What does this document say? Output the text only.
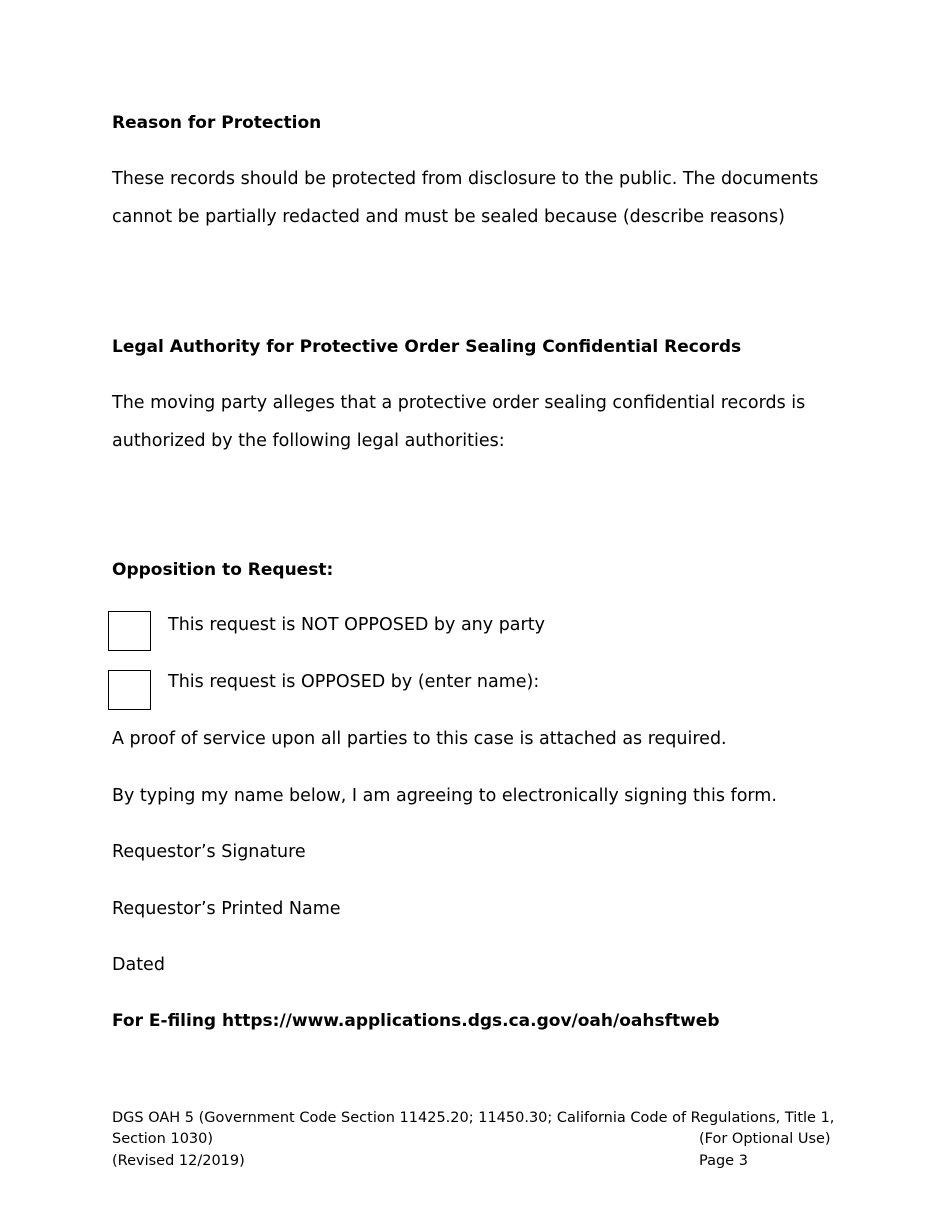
Reason for Protection
These records should be protected from disclosure to the public. The documents
cannot be partially redacted and must be sealed because (describe reasons)
Legal Authority for Protective Order Sealing Confidential Records
The moving party alleges that a protective order sealing confidential records is
authorized by the following legal authorities:
Opposition to Request:
This request is NOT OPPOSED by any party
This request is OPPOSED by (enter name):
A proof of service upon all parties to this case is attached as required.
By typing my name below, I am agreeing to electronically signing this form.
Requestor’s Signature
Requestor’s Printed Name
Dated
For E-filing https://www.applications.dgs.ca.gov/oah/oahsftweb
DGS OAH 5 (Government Code Section 11425.20; 11450.30; California Code of Regulations, Title 1,
Section 1030)	(For Optional Use)
(Revised 12/2019)	Page 3
